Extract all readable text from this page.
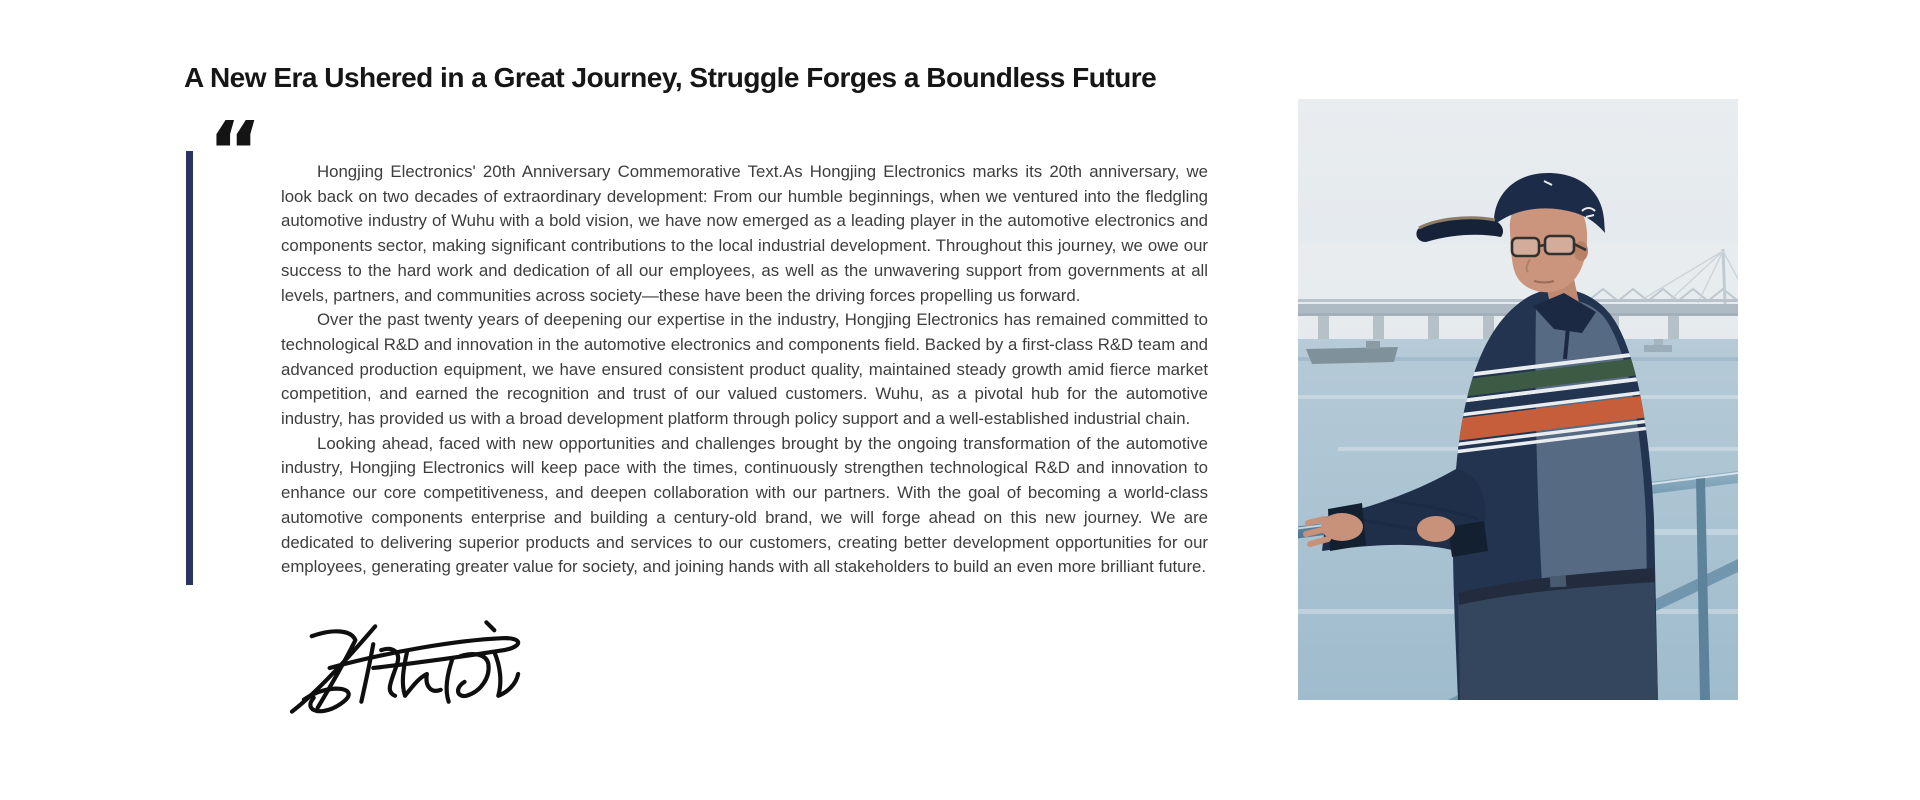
A New Era Ushered in a Great Journey, Struggle Forges a Boundless Future
“	Hongjing Electronics' 20th Anniversary Commemorative Text.As Hongjing Electronics marks its 20th anniversary, we look back on two decades of extraordinary development: From our humble beginnings, when we ventured into the fledgling automotive industry of Wuhu with a bold vision, we have now emerged as a leading player in the automotive electronics and components sector, making significant contributions to the local industrial development. Throughout this journey, we owe our success to the hard work and dedication of all our employees, as well as the unwavering support from governments at all levels, partners, and communities across society—these have been the driving forces propelling us forward.

Over the past twenty years of deepening our expertise in the industry, Hongjing Electronics has remained committed to technological R&D and innovation in the automotive electronics and components field. Backed by a first-class R&D team and advanced production equipment, we have ensured consistent product quality, maintained steady growth amid fierce market competition, and earned the recognition and trust of our valued customers. Wuhu, as a pivotal hub for the automotive industry, has provided us with a broad development platform through policy support and a well-established industrial chain.

Looking ahead, faced with new opportunities and challenges brought by the ongoing transformation of the automotive industry, Hongjing Electronics will keep pace with the times, continuously strengthen technological R&D and innovation to enhance our core competitiveness, and deepen collaboration with our partners. With the goal of becoming a world-class automotive components enterprise and building a century-old brand, we will forge ahead on this new journey. We are dedicated to delivering superior products and services to our customers, creating better development opportunities for our employees, generating greater value for society, and joining hands with all stakeholders to build an even more brilliant future.
